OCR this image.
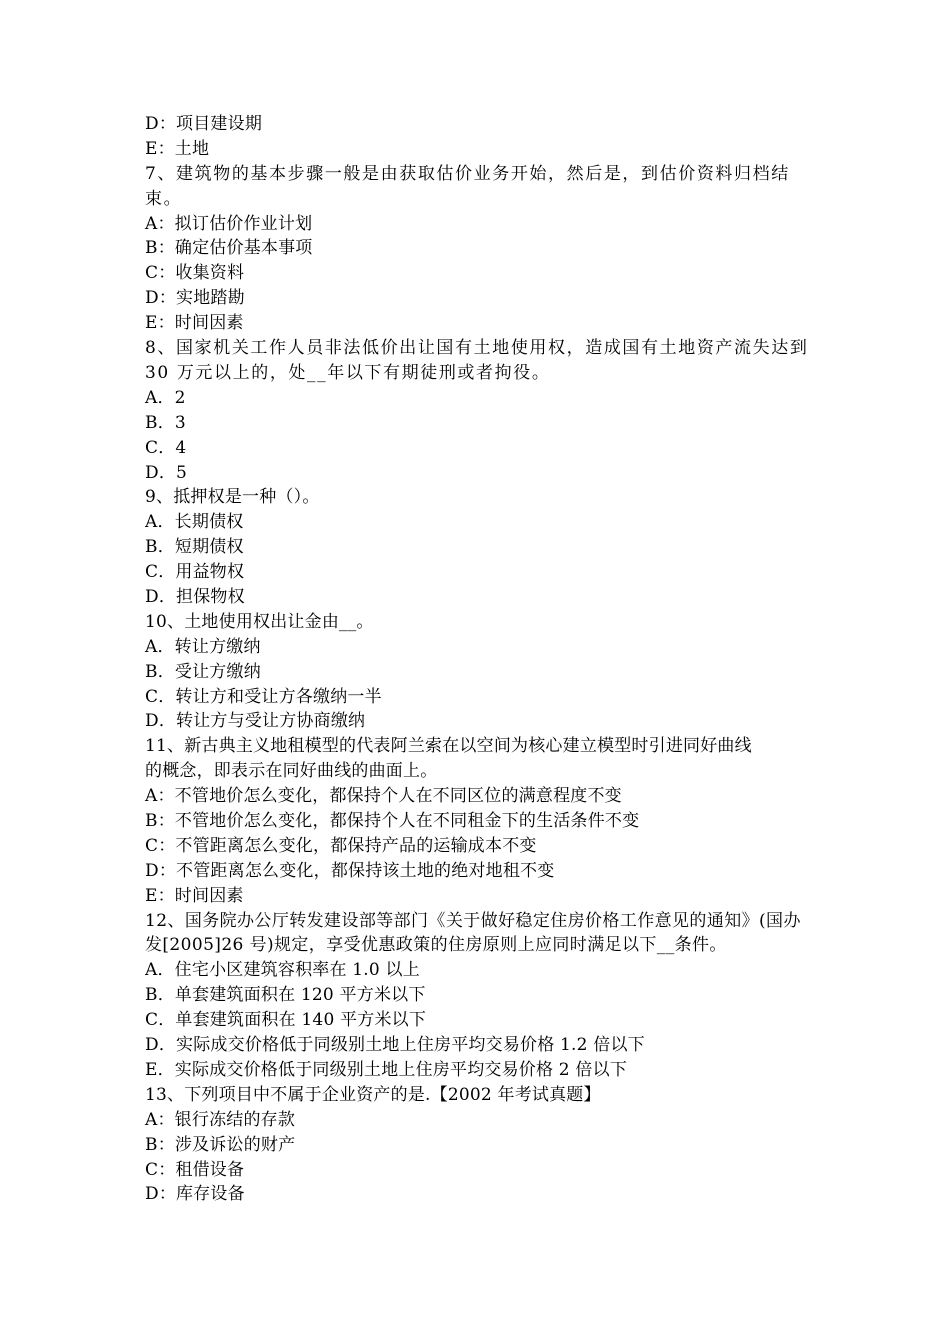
D：项目建设期
E：土地
7、建筑物的基本步骤一般是由获取估价业务开始，然后是，到估价资料归档结束。
A：拟订估价作业计划
B：确定估价基本事项
C：收集资料
D：实地踏勘
E：时间因素
8、国家机关工作人员非法低价出让国有土地使用权，造成国有土地资产流失达到 30 万元以上的，处__年以下有期徒刑或者拘役。
A．2
B．3
C．4
D．5
9、抵押权是一种（）。
A．长期债权
B．短期债权
C．用益物权
D．担保物权
10、土地使用权出让金由__。
A．转让方缴纳
B．受让方缴纳
C．转让方和受让方各缴纳一半
D．转让方与受让方协商缴纳
11、新古典主义地租模型的代表阿兰索在以空间为核心建立模型时引进同好曲线
的概念，即表示在同好曲线的曲面上。
A：不管地价怎么变化，都保持个人在不同区位的满意程度不变
B：不管地价怎么变化，都保持个人在不同租金下的生活条件不变
C：不管距离怎么变化，都保持产品的运输成本不变
D：不管距离怎么变化，都保持该土地的绝对地租不变
E：时间因素
12、国务院办公厅转发建设部等部门《关于做好稳定住房价格工作意见的通知》(国办发[2005]26 号)规定，享受优惠政策的住房原则上应同时满足以下__条件。
A．住宅小区建筑容积率在 1.0 以上
B．单套建筑面积在 120 平方米以下
C．单套建筑面积在 140 平方米以下
D．实际成交价格低于同级别土地上住房平均交易价格 1.2 倍以下
E．实际成交价格低于同级别土地上住房平均交易价格 2 倍以下
13、下列项目中不属于企业资产的是.【2002 年考试真题】
A：银行冻结的存款
B：涉及诉讼的财产
C：租借设备
D：库存设备
